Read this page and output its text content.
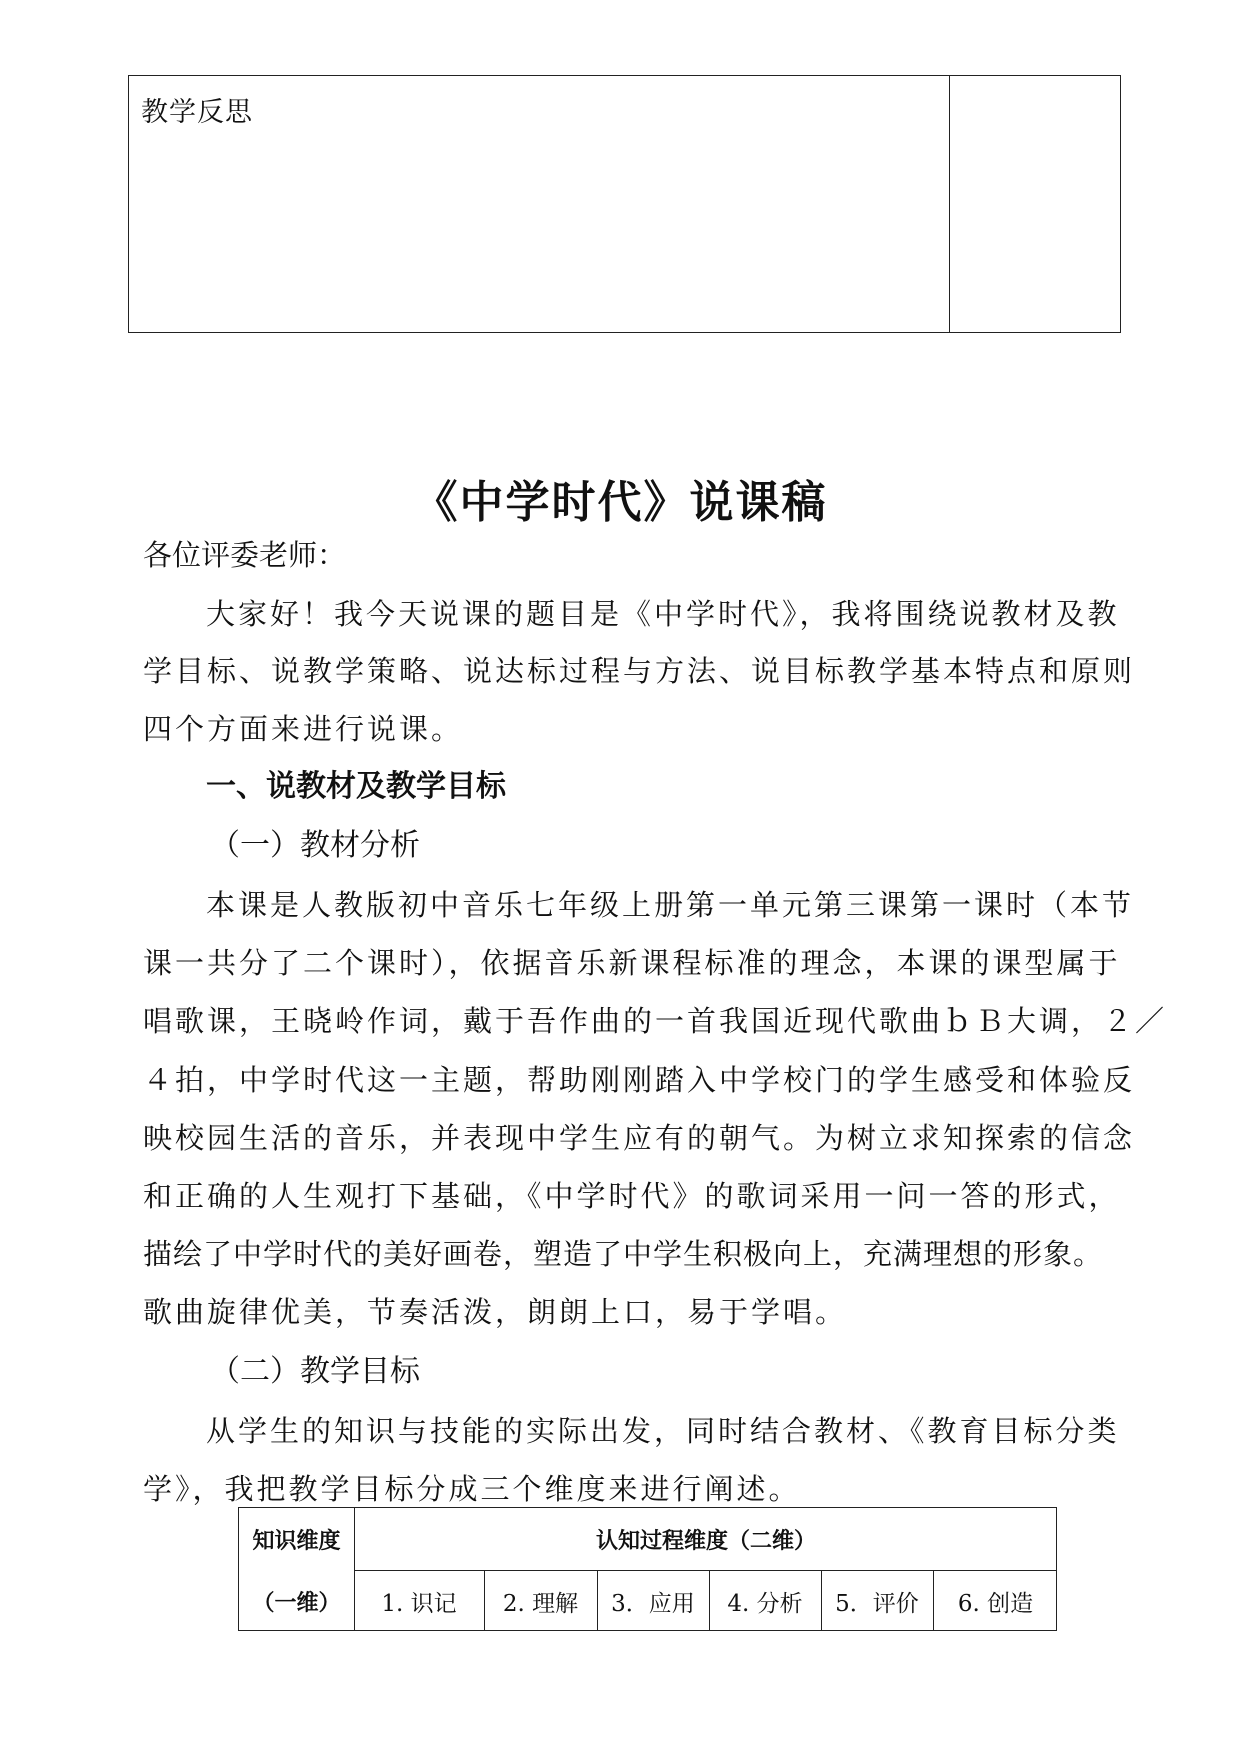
教学反思
《中学时代》说课稿
各位评委老师：
大家好！我今天说课的题目是《中学时代》，我将围绕说教材及教
学目标、说教学策略、说达标过程与方法、说目标教学基本特点和原则
四个方面来进行说课。
一、说教材及教学目标
（一）教材分析
本课是人教版初中音乐七年级上册第一单元第三课第一课时（本节
课一共分了二个课时），依据音乐新课程标准的理念，本课的课型属于
唱歌课，王晓岭作词，戴于吾作曲的一首我国近现代歌曲ｂＢ大调，２／
４拍，中学时代这一主题，帮助刚刚踏入中学校门的学生感受和体验反
映校园生活的音乐，并表现中学生应有的朝气。为树立求知探索的信念
和正确的人生观打下基础，《中学时代》的歌词采用一问一答的形式，
描绘了中学时代的美好画卷，塑造了中学生积极向上，充满理想的形象。
歌曲旋律优美，节奏活泼，朗朗上口，易于学唱。
（二）教学目标
从学生的知识与技能的实际出发，同时结合教材、《教育目标分类
学》，我把教学目标分成三个维度来进行阐述。
知识维度
（一维）
认知过程维度（二维）
1. 识记	2. 理解	3．应用	4. 分析	5．评价	6. 创造
